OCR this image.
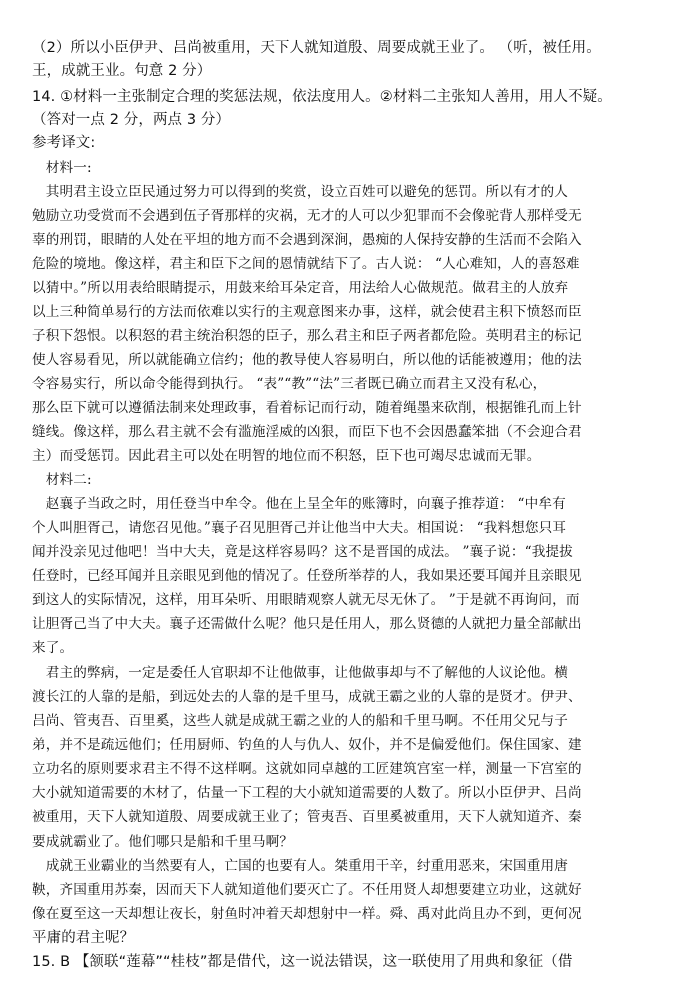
（2）所以小臣伊尹、吕尚被重用，天下人就知道殷、周要成就王业了。 （听，被任用。
王，成就王业。句意 2 分）
14. ①材料一主张制定合理的奖惩法规，依法度用人。②材料二主张知人善用，用人不疑。
（答对一点 2 分，两点 3 分）
参考译文:
　材料一:
　其明君主设立臣民通过努力可以得到的奖赏，设立百姓可以避免的惩罚。所以有才的人
勉励立功受赏而不会遇到伍子胥那样的灾祸，无才的人可以少犯罪而不会像驼背人那样受无
辜的刑罚，眼睛的人处在平坦的地方而不会遇到深涧，愚痴的人保持安静的生活而不会陷入
危险的境地。像这样，君主和臣下之间的恩情就结下了。古人说： “人心难知，人的喜怒难
以猜中。”所以用表给眼睛提示，用鼓来给耳朵定音，用法给人心做规范。做君主的人放弃
以上三种简单易行的方法而依难以实行的主观意图来办事，这样，就会使君主积下愤怒而臣
子积下怨恨。以积怒的君主统治积怨的臣子，那么君主和臣子两者都危险。英明君主的标记
使人容易看见，所以就能确立信约；他的教导使人容易明白，所以他的话能被遵用；他的法
令容易实行，所以命令能得到执行。 “表”“教”“法”三者既已确立而君主又没有私心，
那么臣下就可以遵循法制来处理政事，看着标记而行动，随着绳墨来砍削，根据锥孔而上针
缝线。像这样，那么君主就不会有滥施淫威的凶狠，而臣下也不会因愚蠢笨拙（不会迎合君
主）而受惩罚。因此君主可以处在明智的地位而不积怒，臣下也可竭尽忠诚而无罪。
　材料二:
　赵襄子当政之时，用任登当中牟令。他在上呈全年的账簿时，向襄子推荐道： “中牟有
个人叫胆胥己，请您召见他。”襄子召见胆胥己并让他当中大夫。相国说： “我料想您只耳
闻并没亲见过他吧！当中大夫，竟是这样容易吗？这不是晋国的成法。 ”襄子说：“我提拔
任登时，已经耳闻并且亲眼见到他的情况了。任登所举荐的人，我如果还要耳闻并且亲眼见
到这人的实际情况，这样，用耳朵听、用眼睛观察人就无尽无休了。 ”于是就不再询问，而
让胆胥己当了中大夫。襄子还需做什么呢？他只是任用人，那么贤德的人就把力量全部献出
来了。
　君主的弊病，一定是委任人官职却不让他做事，让他做事却与不了解他的人议论他。横
渡长江的人靠的是船，到远处去的人靠的是千里马，成就王霸之业的人靠的是贤才。伊尹、
吕尚、管夷吾、百里奚，这些人就是成就王霸之业的人的船和千里马啊。不任用父兄与子
弟，并不是疏远他们；任用厨师、钓鱼的人与仇人、奴仆，并不是偏爱他们。保住国家、建
立功名的原则要求君主不得不这样啊。这就如同卓越的工匠建筑宫室一样，测量一下宫室的
大小就知道需要的木材了，估量一下工程的大小就知道需要的人数了。所以小臣伊尹、吕尚
被重用，天下人就知道殷、周要成就王业了；管夷吾、百里奚被重用，天下人就知道齐、秦
要成就霸业了。他们哪只是船和千里马啊？
　成就王业霸业的当然要有人，亡国的也要有人。桀重用干辛，纣重用恶来，宋国重用唐
鞅，齐国重用苏秦，因而天下人就知道他们要灭亡了。不任用贤人却想要建立功业，这就好
像在夏至这一天却想让夜长，射鱼时冲着天却想射中一样。舜、禹对此尚且办不到，更何况
平庸的君主呢？
15. B 【颔联“莲幕”“桂枝”都是借代，这一说法错误，这一联使用了用典和象征（借
